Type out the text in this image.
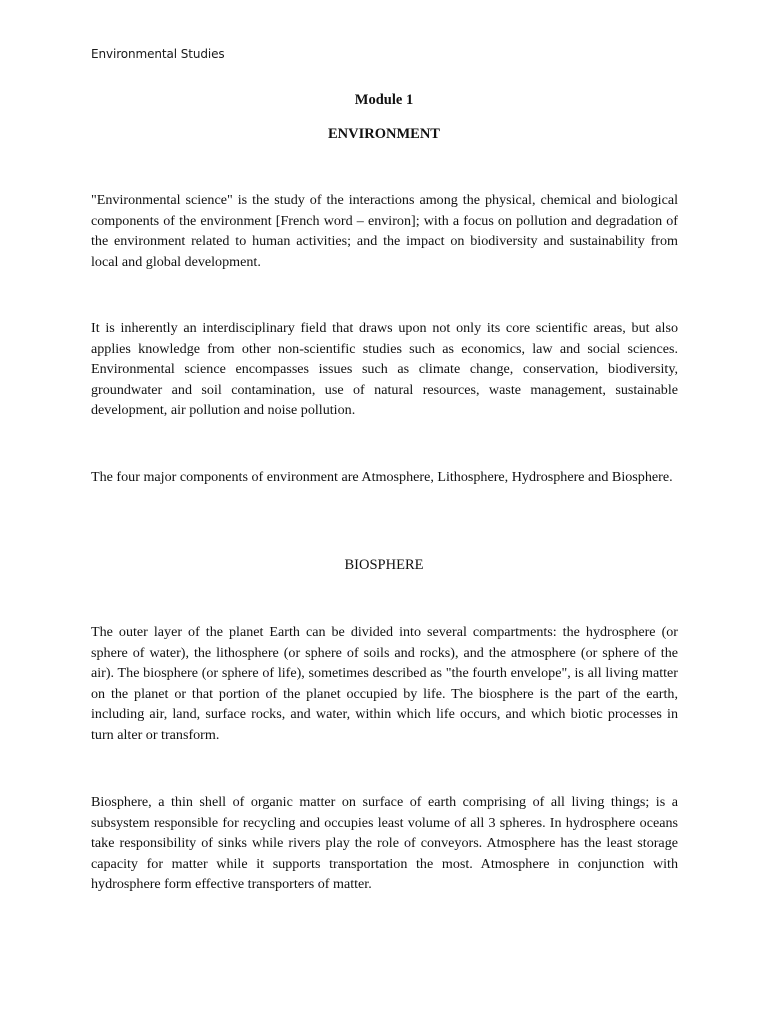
Environmental Studies

Module 1

ENVIRONMENT

"Environmental science" is the study of the interactions among the physical, chemical and biological components of the environment [French word – environ]; with a focus on pollution and degradation of the environment related to human activities; and the impact on biodiversity and sustainability from local and global development.

It is inherently an interdisciplinary field that draws upon not only its core scientific areas, but also applies knowledge from other non-scientific studies such as economics, law and social sciences. Environmental science encompasses issues such as climate change, conservation, biodiversity, groundwater and soil contamination, use of natural resources, waste management, sustainable development, air pollution and noise pollution.

The four major components of environment are Atmosphere, Lithosphere, Hydrosphere and Biosphere.

BIOSPHERE

The outer layer of the planet Earth can be divided into several compartments: the hydrosphere (or sphere of water), the lithosphere (or sphere of soils and rocks), and the atmosphere (or sphere of the air). The biosphere (or sphere of life), sometimes described as "the fourth envelope", is all living matter on the planet or that portion of the planet occupied by life. The biosphere is the part of the earth, including air, land, surface rocks, and water, within which life occurs, and which biotic processes in turn alter or transform.

Biosphere, a thin shell of organic matter on surface of earth comprising of all living things; is a subsystem responsible for recycling and occupies least volume of all 3 spheres. In hydrosphere oceans take responsibility of sinks while rivers play the role of conveyors. Atmosphere has the least storage capacity for matter while it supports transportation the most. Atmosphere in conjunction with hydrosphere form effective transporters of matter.
